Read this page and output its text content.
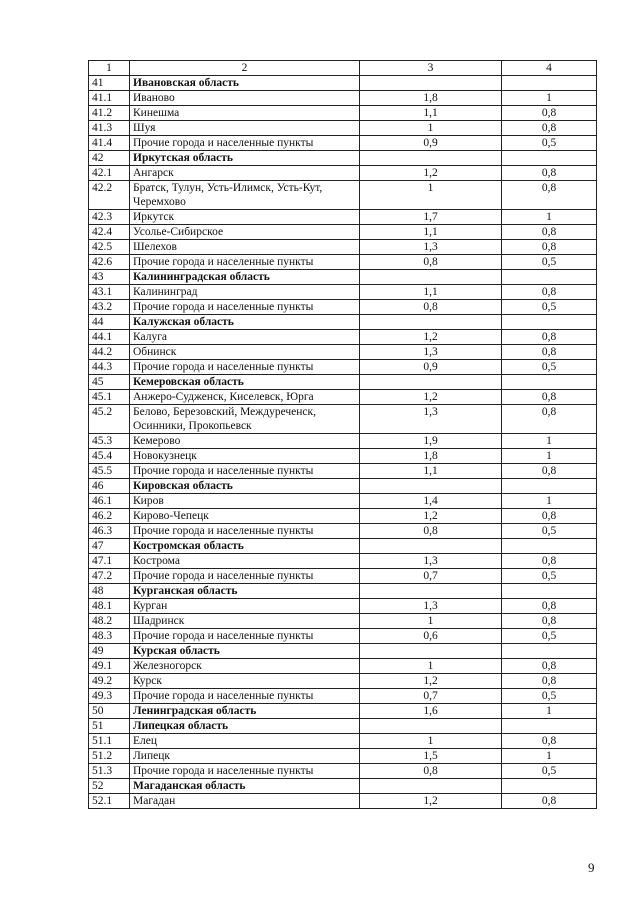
1	2	3	4
41	Ивановская область		
41.1	Иваново	1,8	1
41.2	Кинешма	1,1	0,8
41.3	Шуя	1	0,8
41.4	Прочие города и населенные пункты	0,9	0,5
42	Иркутская область		
42.1	Ангарск	1,2	0,8
42.2	Братск, Тулун, Усть-Илимск, Усть-Кут, Черемхово	1	0,8
42.3	Иркутск	1,7	1
42.4	Усолье-Сибирское	1,1	0,8
42.5	Шелехов	1,3	0,8
42.6	Прочие города и населенные пункты	0,8	0,5
43	Калининградская область		
43.1	Калининград	1,1	0,8
43.2	Прочие города и населенные пункты	0,8	0,5
44	Калужская область		
44.1	Калуга	1,2	0,8
44.2	Обнинск	1,3	0,8
44.3	Прочие города и населенные пункты	0,9	0,5
45	Кемеровская область		
45.1	Анжеро-Судженск, Киселевск, Юрга	1,2	0,8
45.2	Белово, Березовский, Междуреченск, Осинники, Прокопьевск	1,3	0,8
45.3	Кемерово	1,9	1
45.4	Новокузнецк	1,8	1
45.5	Прочие города и населенные пункты	1,1	0,8
46	Кировская область		
46.1	Киров	1,4	1
46.2	Кирово-Чепецк	1,2	0,8
46.3	Прочие города и населенные пункты	0,8	0,5
47	Костромская область		
47.1	Кострома	1,3	0,8
47.2	Прочие города и населенные пункты	0,7	0,5
48	Курганская область		
48.1	Курган	1,3	0,8
48.2	Шадринск	1	0,8
48.3	Прочие города и населенные пункты	0,6	0,5
49	Курская область		
49.1	Железногорск	1	0,8
49.2	Курск	1,2	0,8
49.3	Прочие города и населенные пункты	0,7	0,5
50	Ленинградская область	1,6	1
51	Липецкая область		
51.1	Елец	1	0,8
51.2	Липецк	1,5	1
51.3	Прочие города и населенные пункты	0,8	0,5
52	Магаданская область		
52.1	Магадан	1,2	0,8
9
